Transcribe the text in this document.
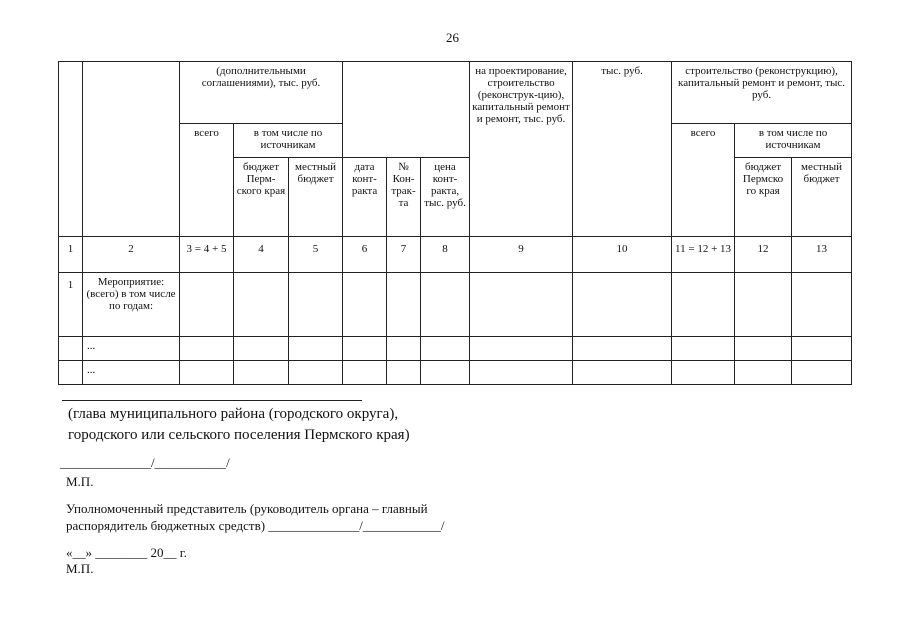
26
		(дополнительными соглашениями), тыс. руб.						на проектирование, строительство (реконструк-цию), капитальный ремонт и ремонт, тыс. руб.	тыс. руб.	строительство (реконструкцию), капитальный ремонт и ремонт, тыс. руб.		
		всего	в том числе по источникам							всего	в том числе по источникам	
			бюджет Перм-ского края	местный бюджет	дата конт-ракта	№ Кон-трак-та	цена конт-ракта, тыс. руб.				бюджет Пермско го края	местный бюджет
1	2	3 = 4 + 5	4	5	6	7	8	9	10	11 = 12 + 13	12	13
1	Мероприятие: (всего) в том числе по годам:											
	...											
	...											
(глава муниципального района (городского округа),
городского или сельского поселения Пермского края)
______________/___________/
М.П.
Уполномоченный представитель (руководитель органа – главный
распорядитель бюджетных средств) ______________/____________/
«__» ________ 20__ г.
М.П.
